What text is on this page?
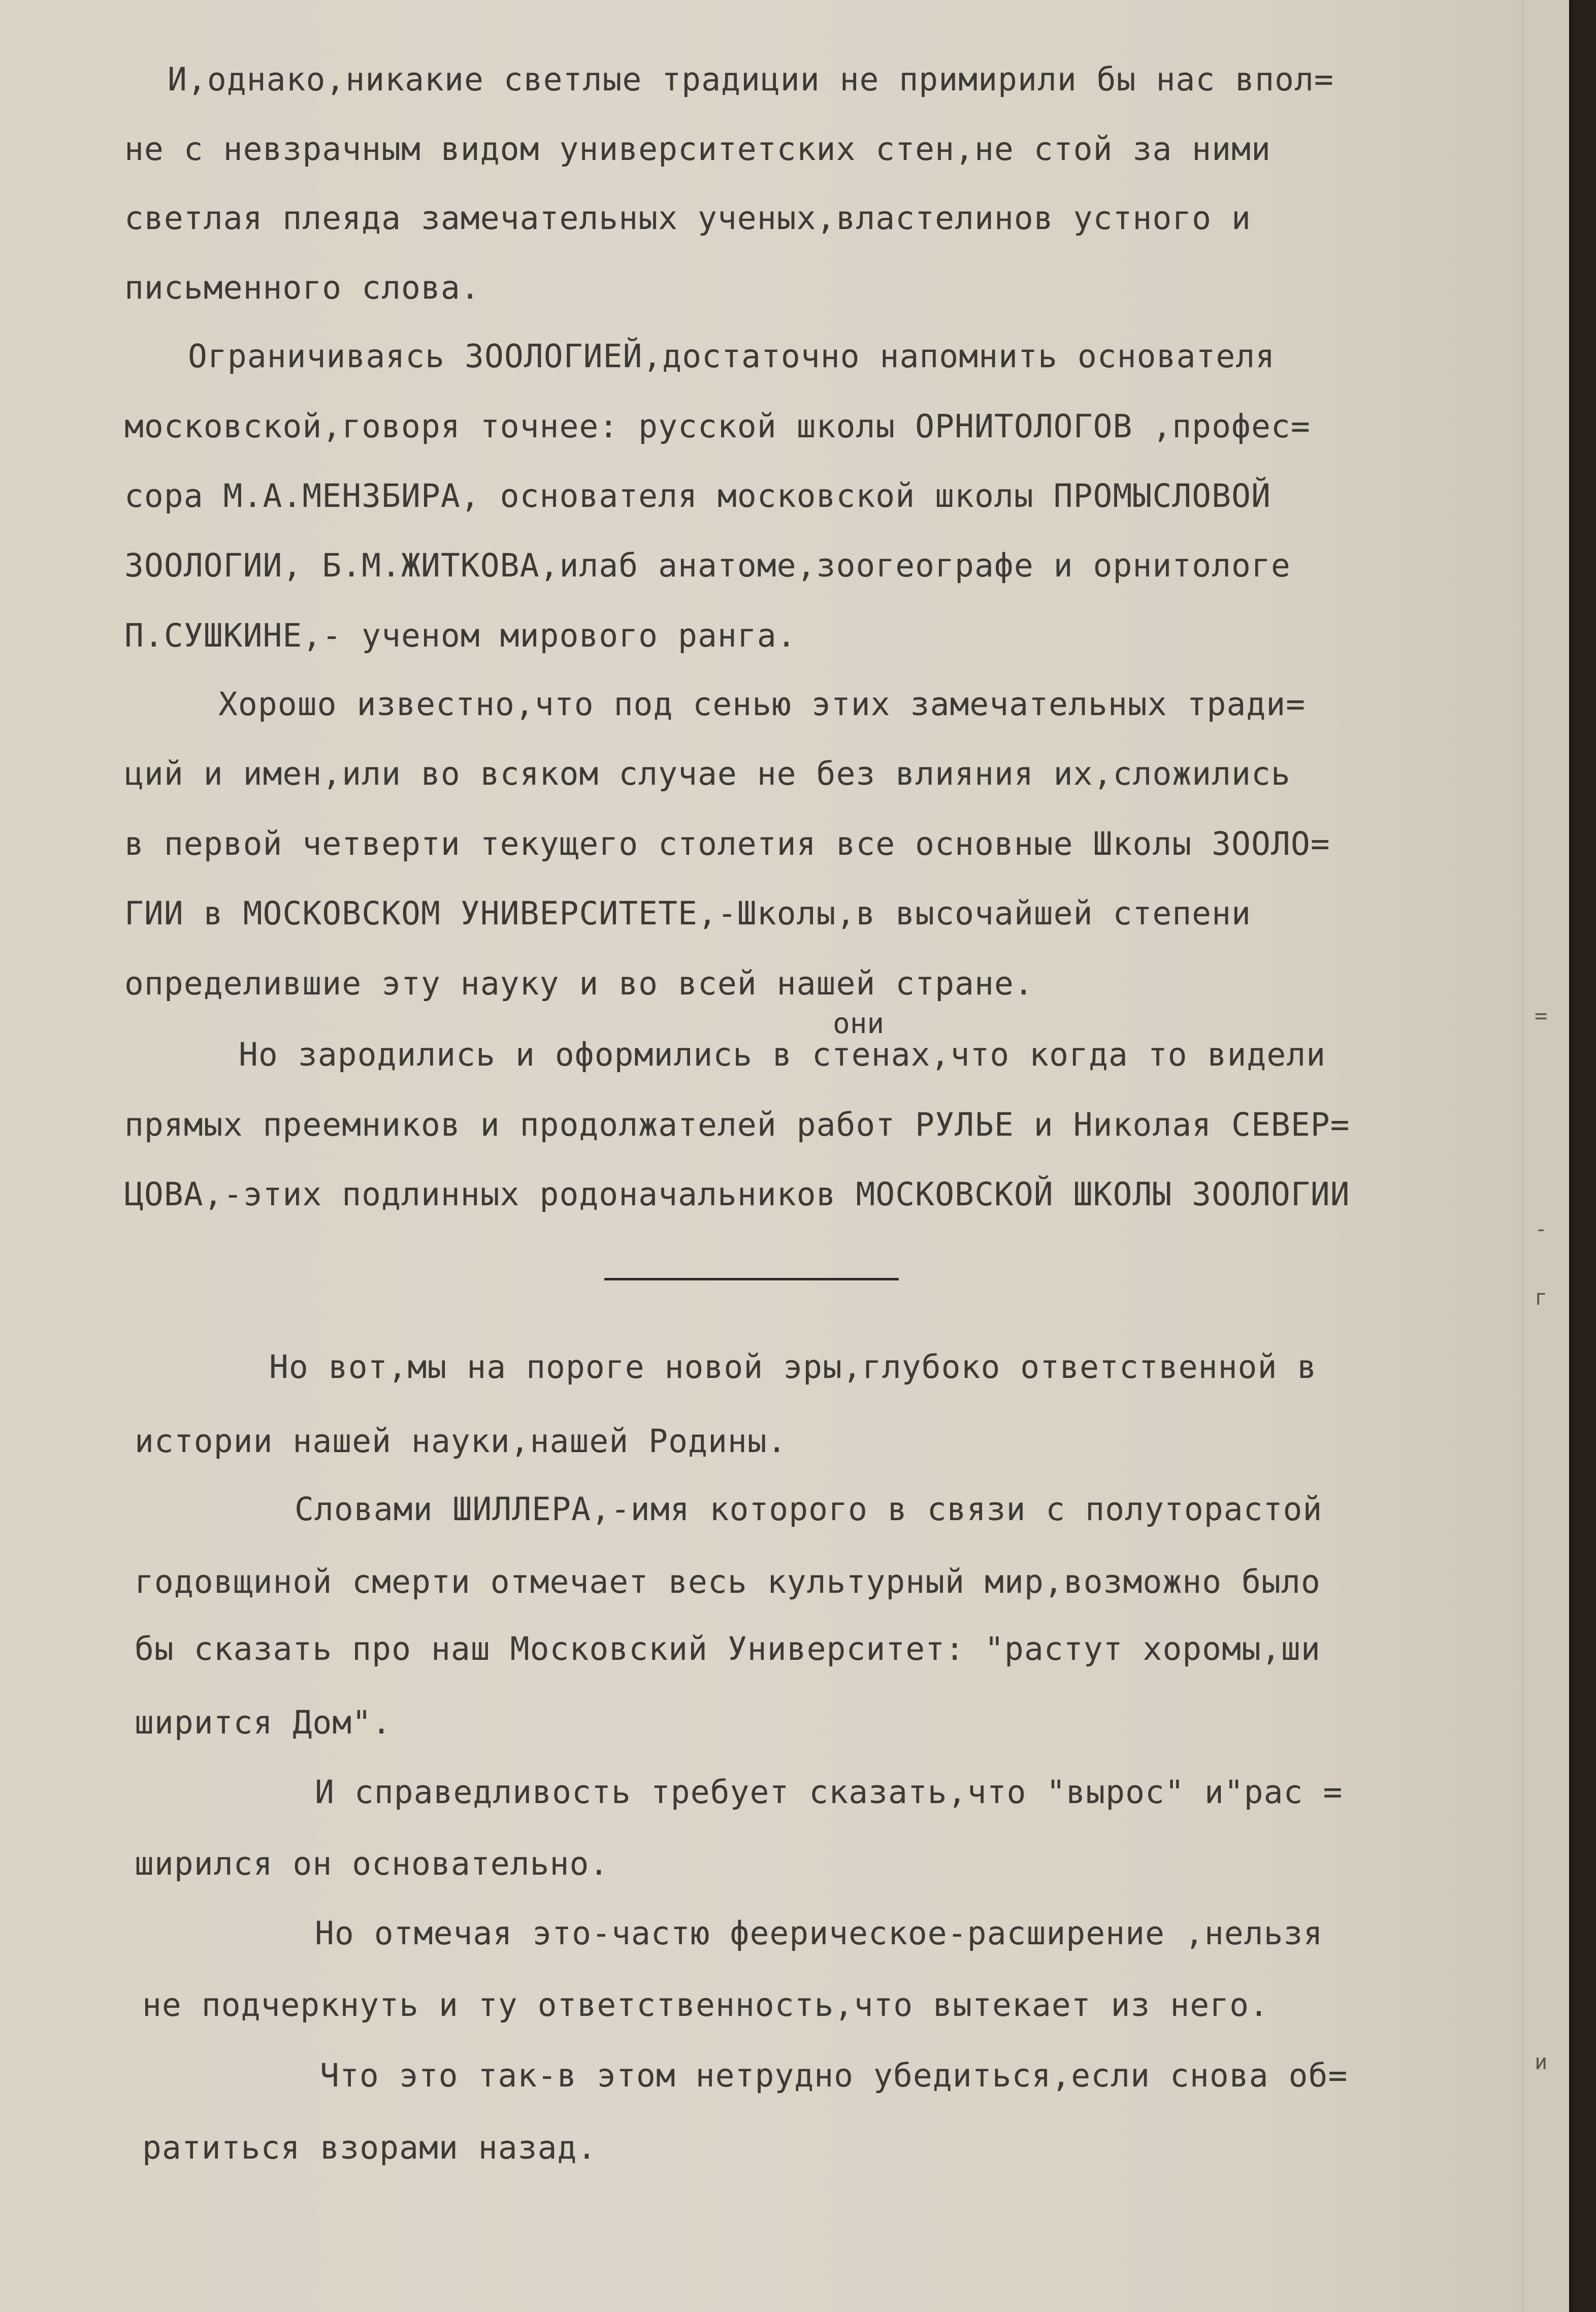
И,однако,никакие светлые традиции не примирили бы нас впол=
не с невзрачным видом университетских стен,не стой за ними
светлая плеяда замечательных ученых,властелинов устного и
письменного слова.
Ограничиваясь ЗООЛОГИЕЙ,достаточно напомнить основателя
московской,говоря точнее: русской школы ОРНИТОЛОГОВ ,профес=
сора М.А.МЕНЗБИРА, основателя московской школы ПРОМЫСЛОВОЙ
ЗООЛОГИИ, Б.М.ЖИТКОВА,илаб анатоме,зоогеографе и орнитологе
П.СУШКИНЕ,- ученом мирового ранга.
Хорошо известно,что под сенью этих замечательных тради=
ций и имен,или во всяком случае не без влияния их,сложились
в первой четверти текущего столетия все основные Школы ЗООЛО=
ГИИ в МОСКОВСКОМ УНИВЕРСИТЕТЕ,-Школы,в высочайшей степени
определившие эту науку и во всей нашей стране.
они
Но зародились и оформились в стенах,что когда то видели
прямых преемников и продолжателей работ РУЛЬЕ и Николая СЕВЕР=
ЦОВА,-этих подлинных родоначальников МОСКОВСКОЙ ШКОЛЫ ЗООЛОГИИ
Но вот,мы на пороге новой эры,глубоко ответственной в
истории нашей науки,нашей Родины.
Словами ШИЛЛЕРА,-имя которого в связи с полуторастой
годовщиной смерти отмечает весь культурный мир,возможно было
бы сказать про наш Московский Университет: "растут хоромы,ши
ширится Дом".
И справедливость требует сказать,что "вырос" и"рас =
ширился он основательно.
Но отмечая это-частю феерическое-расширение ,нельзя
не подчеркнуть и ту ответственность,что вытекает из него.
Что это так-в этом нетрудно убедиться,если снова об=
ратиться взорами назад.
=
-
г
и
